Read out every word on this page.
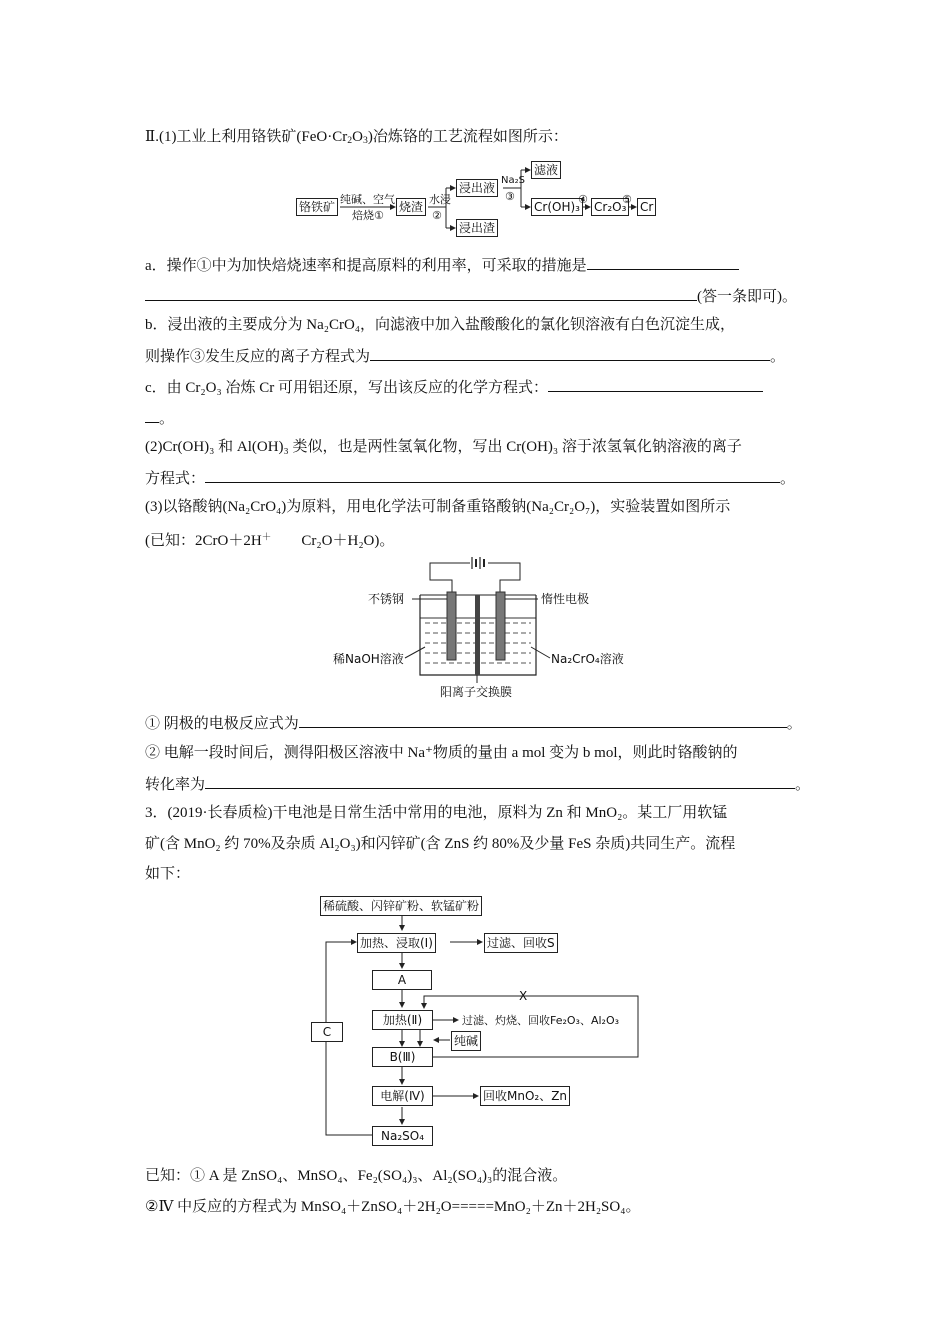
Ⅱ.(1)工业上利用铬铁矿$(FeO\cdot Cr_2O_3)$冶炼铬的工艺流程如图所示：
铬铁矿
纯碱、空气
焙烧①
烧渣
水浸
②
浸出液
浸出渣
Na₂S
③
滤液
Cr(OH)₃
④
Cr₂O₃
⑤
Cr
a．操作①中为加快焙烧速率和提高原料的利用率，可采取的措施是
(答一条即可)。
b．浸出液的主要成分为 Na₂CrO₄，向滤液中加入盐酸酸化的氯化钡溶液有白色沉淀生成，
则操作③发生反应的离子方程式为	。
c．由 Cr₂O₃ 冶炼 Cr 可用铝还原，写出该反应的化学方程式：
。
(2)Cr(OH)₃ 和 Al(OH)₃ 类似，也是两性氢氧化物，写出 Cr(OH)₃ 溶于浓氢氧化钠溶液的离子
方程式：	。
(3)以铬酸钠(Na₂CrO₄)为原料，用电化学法可制备重铬酸钠(Na₂Cr₂O₇)，实验装置如图所示
(已知：2CrO＋2H＋ Cr₂O＋H₂O)。
不锈钢	惰性电极
稀NaOH溶液	Na₂CrO₄溶液
阳离子交换膜
① 阴极的电极反应式为	。
② 电解一段时间后，测得阳极区溶液中 Na⁺物质的量由 a mol 变为 b mol，则此时铬酸钠的
转化率为	。
3．(2019·长春质检)干电池是日常生活中常用的电池，原料为 Zn 和 MnO₂。某工厂用软锰
矿(含 MnO₂ 约 70%及杂质 Al₂O₃)和闪锌矿(含 ZnS 约 80%及少量 FeS 杂质)共同生产。流程
如下：
稀硫酸、闪锌矿粉、软锰矿粉
加热、浸取(Ⅰ)	过滤、回收S
A
X
加热(Ⅱ)	过滤、灼烧、回收Fe₂O₃、Al₂O₃
纯碱
B(Ⅲ)
C
电解(Ⅳ)	回收MnO₂、Zn
Na₂SO₄
已知：① A 是 ZnSO₄、MnSO₄、Fe₂(SO₄)₃、Al₂(SO₄)₃的混合液。
②Ⅳ 中反应的方程式为 MnSO₄＋ZnSO₄＋2H₂O=====MnO₂＋Zn＋2H₂SO₄。
